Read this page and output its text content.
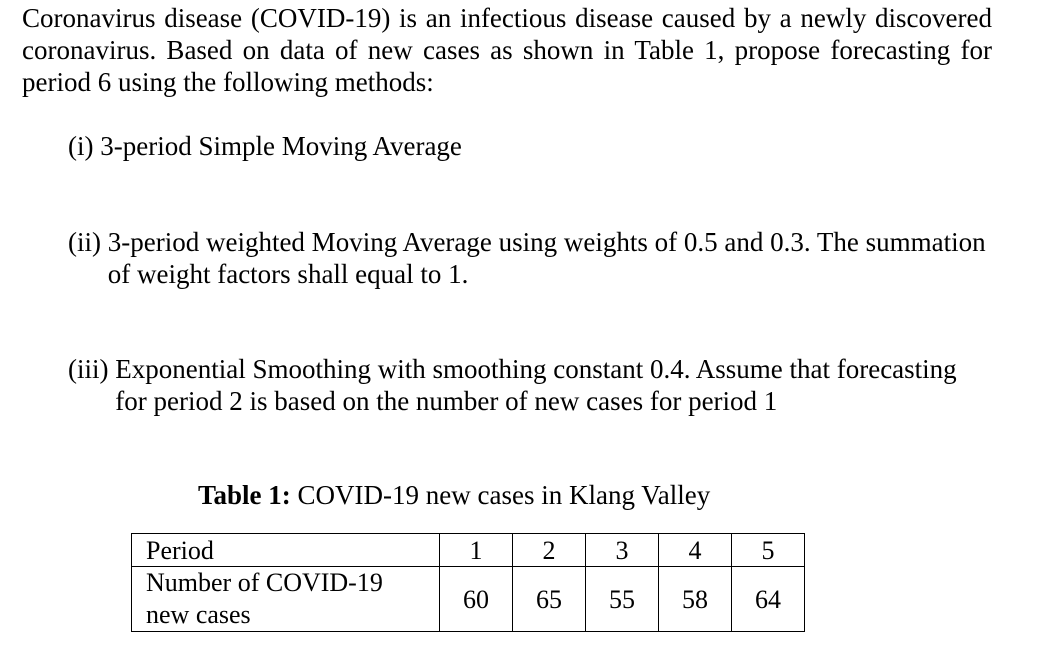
Coronavirus disease (COVID-19) is an infectious disease caused by a newly discovered coronavirus. Based on data of new cases as shown in Table 1, propose forecasting for period 6 using the following methods:

(i) 3-period Simple Moving Average
(ii) 3-period weighted Moving Average using weights of 0.5 and 0.3. The summation of weight factors shall equal to 1.
(iii) Exponential Smoothing with smoothing constant 0.4. Assume that forecasting for period 2 is based on the number of new cases for period 1

Table 1: COVID-19 new cases in Klang Valley

Period	1	2	3	4	5
Number of COVID-19
new cases	60	65	55	58	64
